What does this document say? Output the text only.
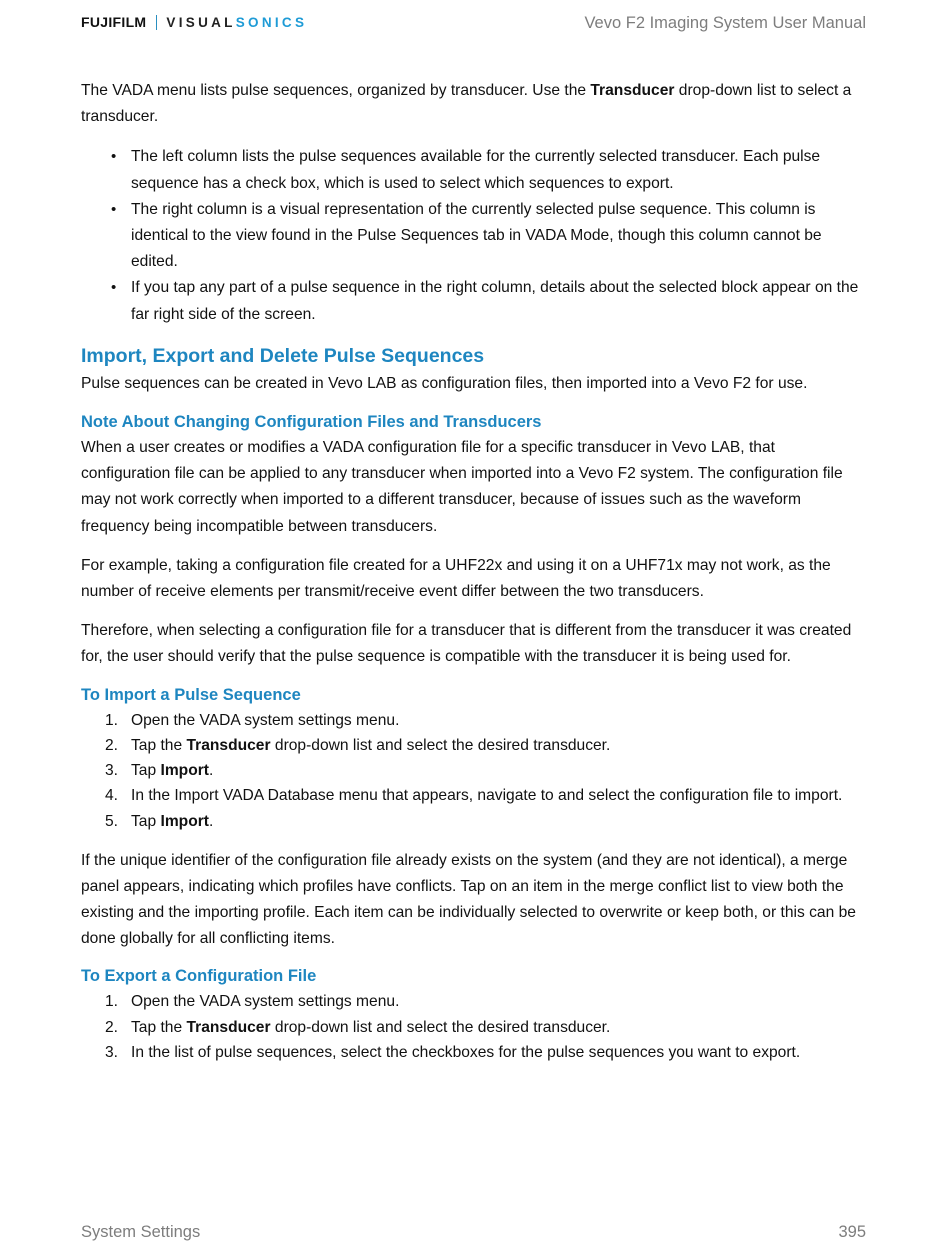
FUJIFILM VISUAL SONICS	Vevo F2 Imaging System User Manual

The VADA menu lists pulse sequences, organized by transducer. Use the Transducer drop-down list to select a transducer.

• The left column lists the pulse sequences available for the currently selected transducer. Each pulse sequence has a check box, which is used to select which sequences to export.
• The right column is a visual representation of the currently selected pulse sequence. This column is identical to the view found in the Pulse Sequences tab in VADA Mode, though this column cannot be edited.
• If you tap any part of a pulse sequence in the right column, details about the selected block appear on the far right side of the screen.
Import, Export and Delete Pulse Sequences

Pulse sequences can be created in Vevo LAB as configuration files, then imported into a Vevo F2 for use.

Note About Changing Configuration Files and Transducers

When a user creates or modifies a VADA configuration file for a specific transducer in Vevo LAB, that configuration file can be applied to any transducer when imported into a Vevo F2 system. The configuration file may not work correctly when imported to a different transducer, because of issues such as the waveform frequency being incompatible between transducers.

For example, taking a configuration file created for a UHF22x and using it on a UHF71x may not work, as the number of receive elements per transmit/receive event differ between the two transducers.

Therefore, when selecting a configuration file for a transducer that is different from the transducer it was created for, the user should verify that the pulse sequence is compatible with the transducer it is being used for.

To Import a Pulse Sequence
1. Open the VADA system settings menu.
2. Tap the Transducer drop-down list and select the desired transducer.
3. Tap Import.
4. In the Import VADA Database menu that appears, navigate to and select the configuration file to import.
5. Tap Import.

If the unique identifier of the configuration file already exists on the system (and they are not identical), a merge panel appears, indicating which profiles have conflicts. Tap on an item in the merge conflict list to view both the existing and the importing profile. Each item can be individually selected to overwrite or keep both, or this can be done globally for all conflicting items.

To Export a Configuration File
1. Open the VADA system settings menu.
2. Tap the Transducer drop-down list and select the desired transducer.
3. In the list of pulse sequences, select the checkboxes for the pulse sequences you want to export.
System Settings	395
